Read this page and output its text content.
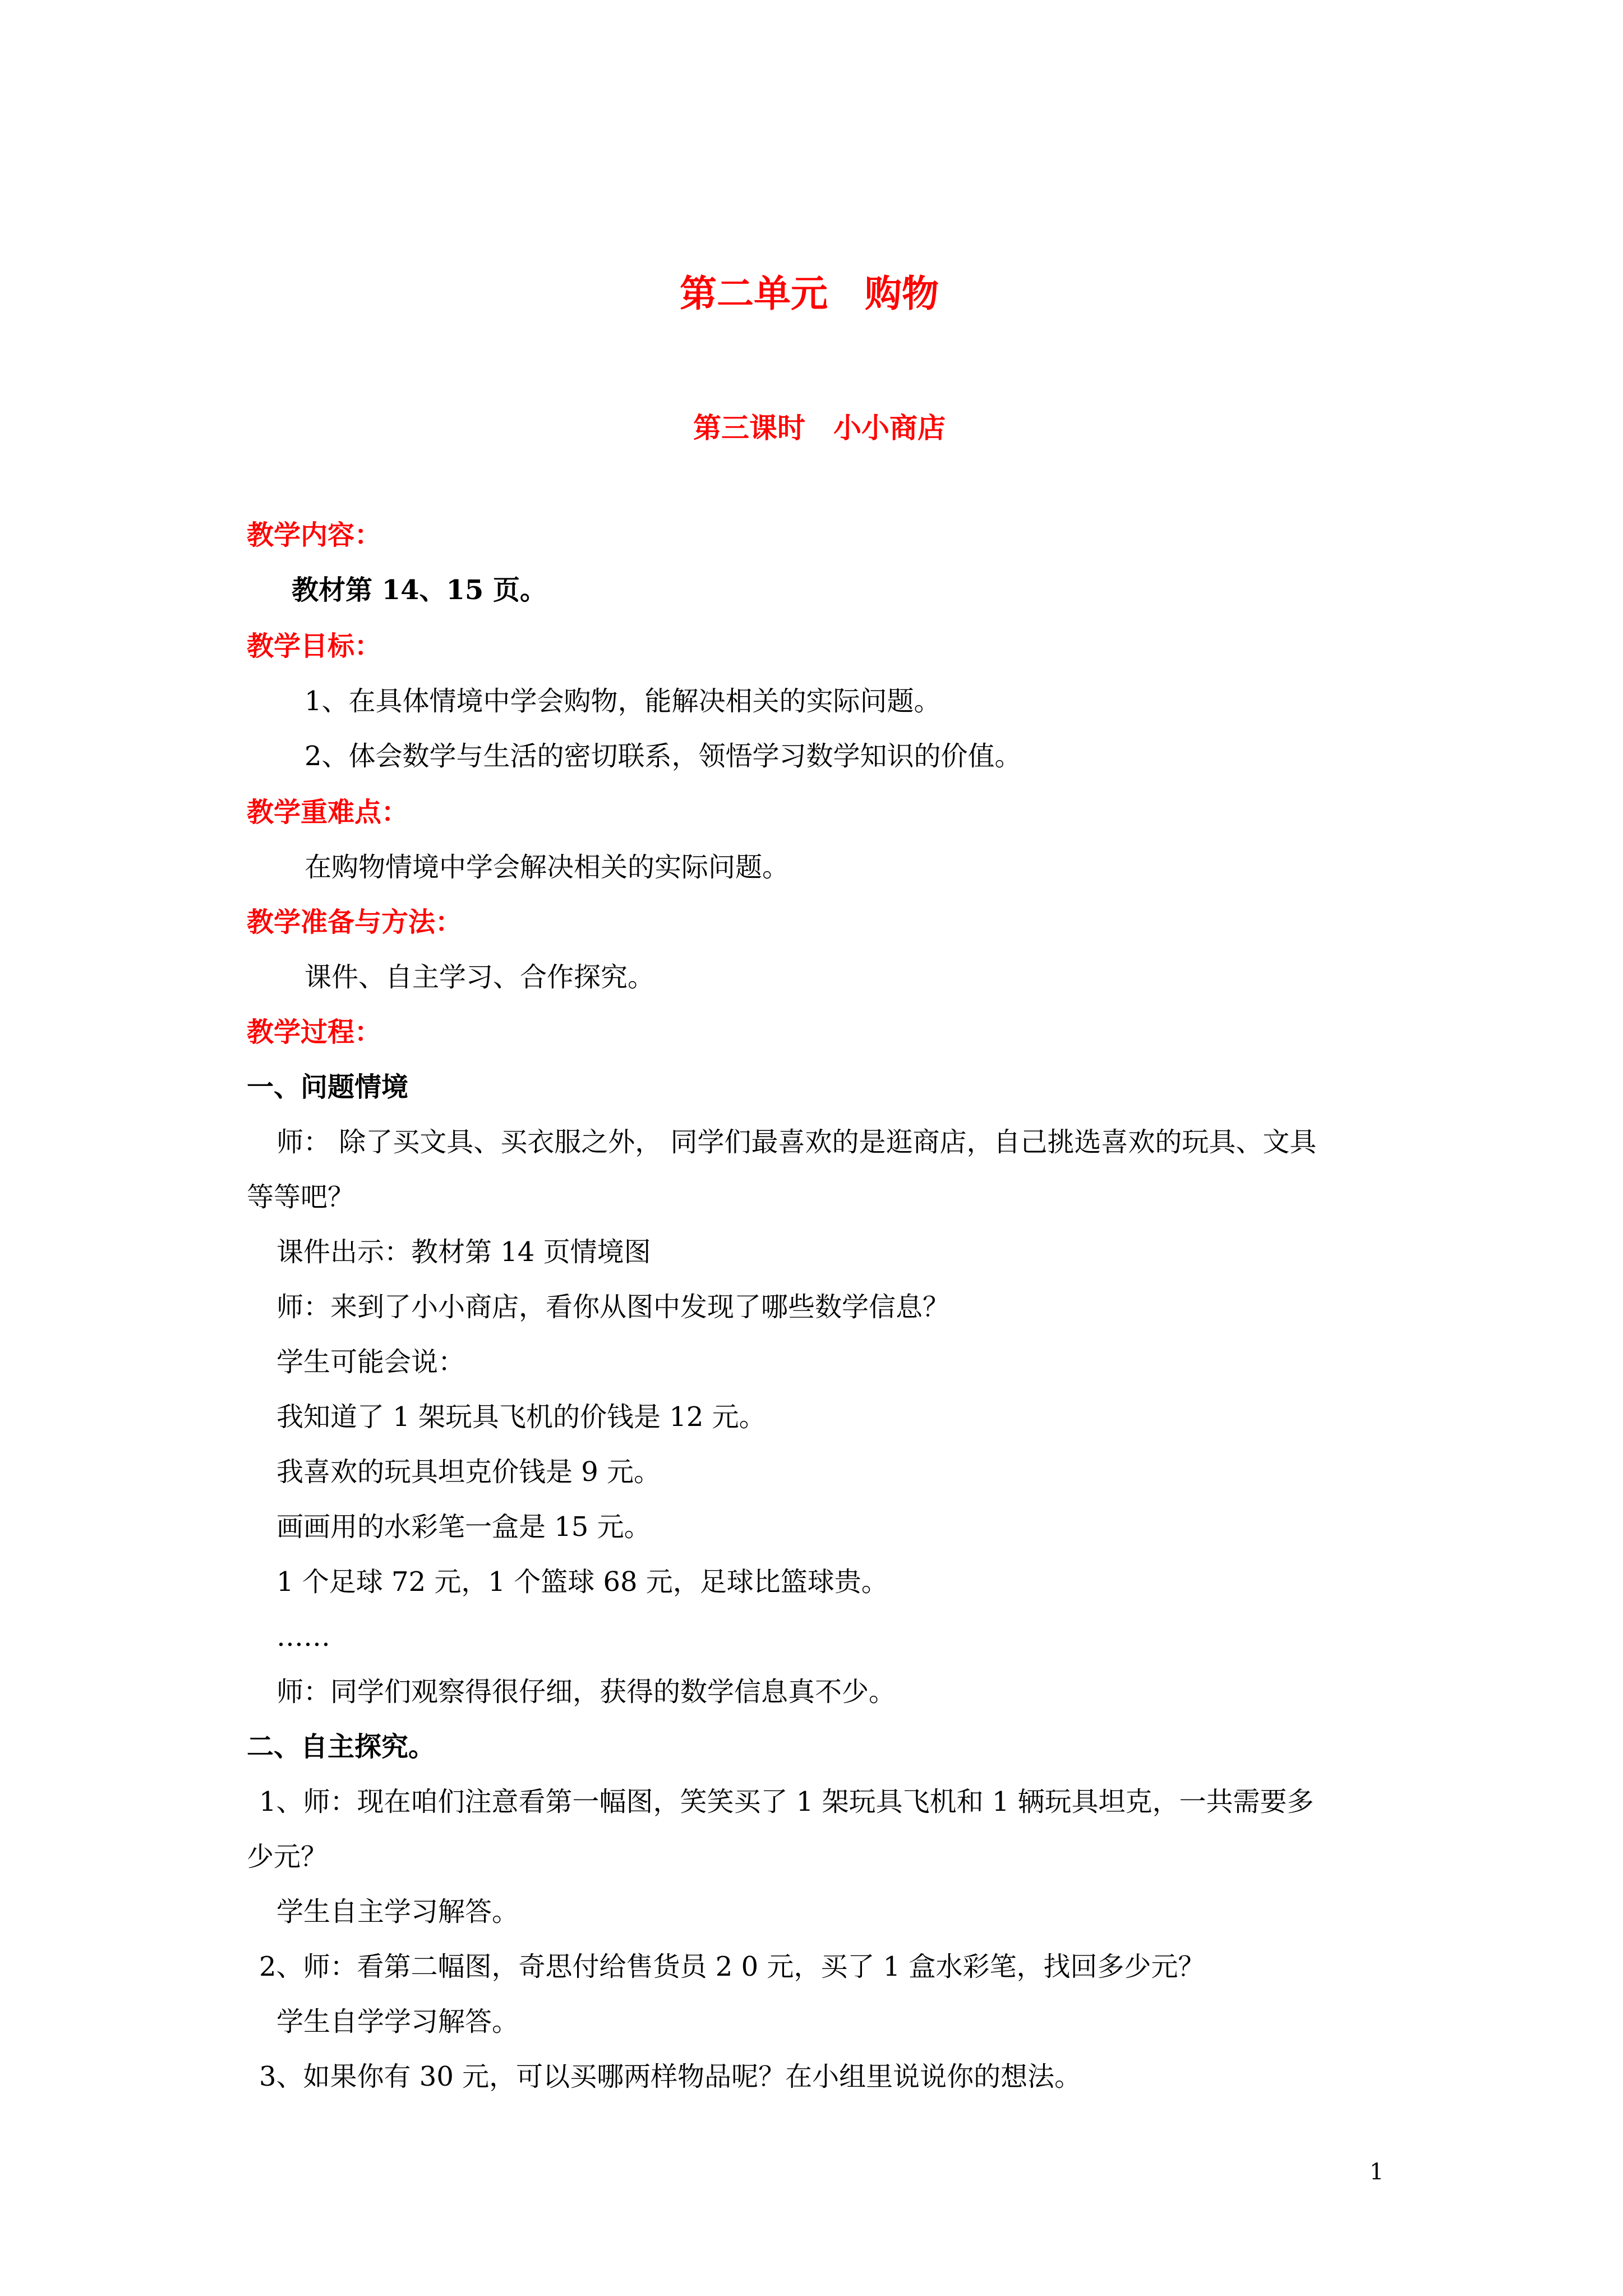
第二单元　购物
第三课时　小小商店
教学内容：
教材第 14、15 页。
教学目标：
1、在具体情境中学会购物，能解决相关的实际问题。
2、体会数学与生活的密切联系，领悟学习数学知识的价值。
教学重难点：
在购物情境中学会解决相关的实际问题。
教学准备与方法：
课件、自主学习、合作探究。
教学过程：
一、问题情境
师： 除了买文具、买衣服之外， 同学们最喜欢的是逛商店，自己挑选喜欢的玩具、文具
等等吧？
课件出示：教材第 14 页情境图
师：来到了小小商店，看你从图中发现了哪些数学信息？
学生可能会说：
我知道了 1 架玩具飞机的价钱是 12 元。
我喜欢的玩具坦克价钱是 9 元。
画画用的水彩笔一盒是 15 元。
1 个足球 72 元，1 个篮球 68 元，足球比篮球贵。
……
师：同学们观察得很仔细，获得的数学信息真不少。
二、自主探究。
1、师：现在咱们注意看第一幅图，笑笑买了 1 架玩具飞机和 1 辆玩具坦克，一共需要多
少元？
学生自主学习解答。
2、师：看第二幅图，奇思付给售货员 2 0 元，买了 1 盒水彩笔，找回多少元？
学生自学学习解答。
3、如果你有 30 元，可以买哪两样物品呢？在小组里说说你的想法。
1
